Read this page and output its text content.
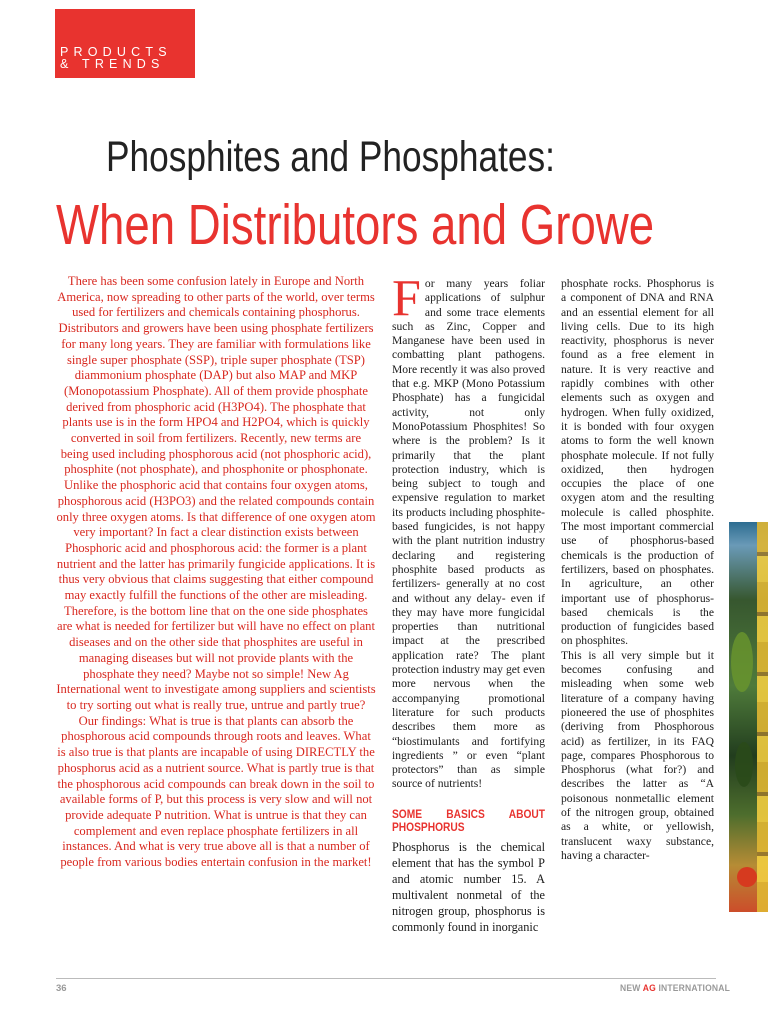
PRODUCTS
& TRENDS
Phosphites and Phosphates:
When Distributors and Growe

There has been some confusion lately in Europe and North America, now spreading to other parts of the world, over terms used for fertilizers and chemicals containing phosphorus. Distributors and growers have been using phosphate fertilizers for many long years. They are familiar with formulations like single super phosphate (SSP), triple super phosphate (TSP) diammonium phosphate (DAP) but also MAP and MKP (Monopotassium Phosphate). All of them provide phosphate derived from phosphoric acid (H3PO4). The phosphate that plants use is in the form HPO4 and H2PO4, which is quickly converted in soil from fertilizers. Recently, new terms are being used including phosphorous acid (not phosphoric acid), phosphite (not phosphate), and phosphonite or phosphonate. Unlike the phosphoric acid that contains four oxygen atoms, phosphorous acid (H3PO3) and the related compounds contain only three oxygen atoms. Is that difference of one oxygen atom very important? In fact a clear distinction exists between Phosphoric acid and phosphorous acid: the former is a plant nutrient and the latter has primarily fungicide applications. It is thus very obvious that claims suggesting that either compound may exactly fulfill the functions of the other are misleading. Therefore, is the bottom line that on the one side phosphates are what is needed for fertilizer but will have no effect on plant diseases and on the other side that phosphites are useful in managing diseases but will not provide plants with the phosphate they need? Maybe not so simple! New Ag International went to investigate among suppliers and scientists to try sorting out what is really true, untrue and partly true? Our findings: What is true is that plants can absorb the phosphorous acid compounds through roots and leaves. What is also true is that plants are incapable of using DIRECTLY the phosphorus acid as a nutrient source. What is partly true is that the phosphorous acid compounds can break down in the soil to available forms of P, but this process is very slow and will not provide adequate P nutrition. What is untrue is that they can complement and even replace phosphate fertilizers in all instances. And what is very true above all is that a number of people from various bodies entertain confusion in the market!

For many years foliar applications of sulphur and some trace elements such as Zinc, Copper and Manganese have been used in combatting plant pathogens. More recently it was also proved that e.g. MKP (Mono Potassium Phosphate) has a fungicidal activity, not only MonoPotassium Phosphites! So where is the problem? Is it primarily that the plant protection industry, which is being subject to tough and expensive regulation to market its products including phosphite-based fungicides, is not happy with the plant nutrition industry declaring and registering phosphite based products as fertilizers- generally at no cost and without any delay- even if they may have more fungicidal properties than nutritional impact at the prescribed application rate? The plant protection industry may get even more nervous when the accompanying promotional literature for such products describes them more as “biostimulants and fortifying ingredients ” or even “plant protectors” than as simple source of nutrients!

SOME BASICS ABOUT PHOSPHORUS

Phosphorus is the chemical element that has the symbol P and atomic number 15. A multivalent nonmetal of the nitrogen group, phosphorus is commonly found in inorganic

phosphate rocks. Phosphorus is a component of DNA and RNA and an essential element for all living cells. Due to its high reactivity, phosphorus is never found as a free element in nature. It is very reactive and rapidly combines with other elements such as oxygen and hydrogen. When fully oxidized, it is bonded with four oxygen atoms to form the well known phosphate molecule. If not fully oxidized, then hydrogen occupies the place of one oxygen atom and the resulting molecule is called phosphite. The most important commercial use of phosphorus-based chemicals is the production of fertilizers, based on phosphates. In agriculture, an other important use of phosphorus-based chemicals is the production of fungicides based on phosphites.

This is all very simple but it becomes confusing and misleading when some web literature of a company having pioneered the use of phosphites (deriving from Phosphorous acid) as fertilizer, in its FAQ page, compares Phosphorous to Phosphorus (what for?) and describes the latter as “A poisonous nonmetallic element of the nitrogen group, obtained as a white, or yellowish, translucent waxy substance, having a character-

36	NEW AG INTERNATIONAL
